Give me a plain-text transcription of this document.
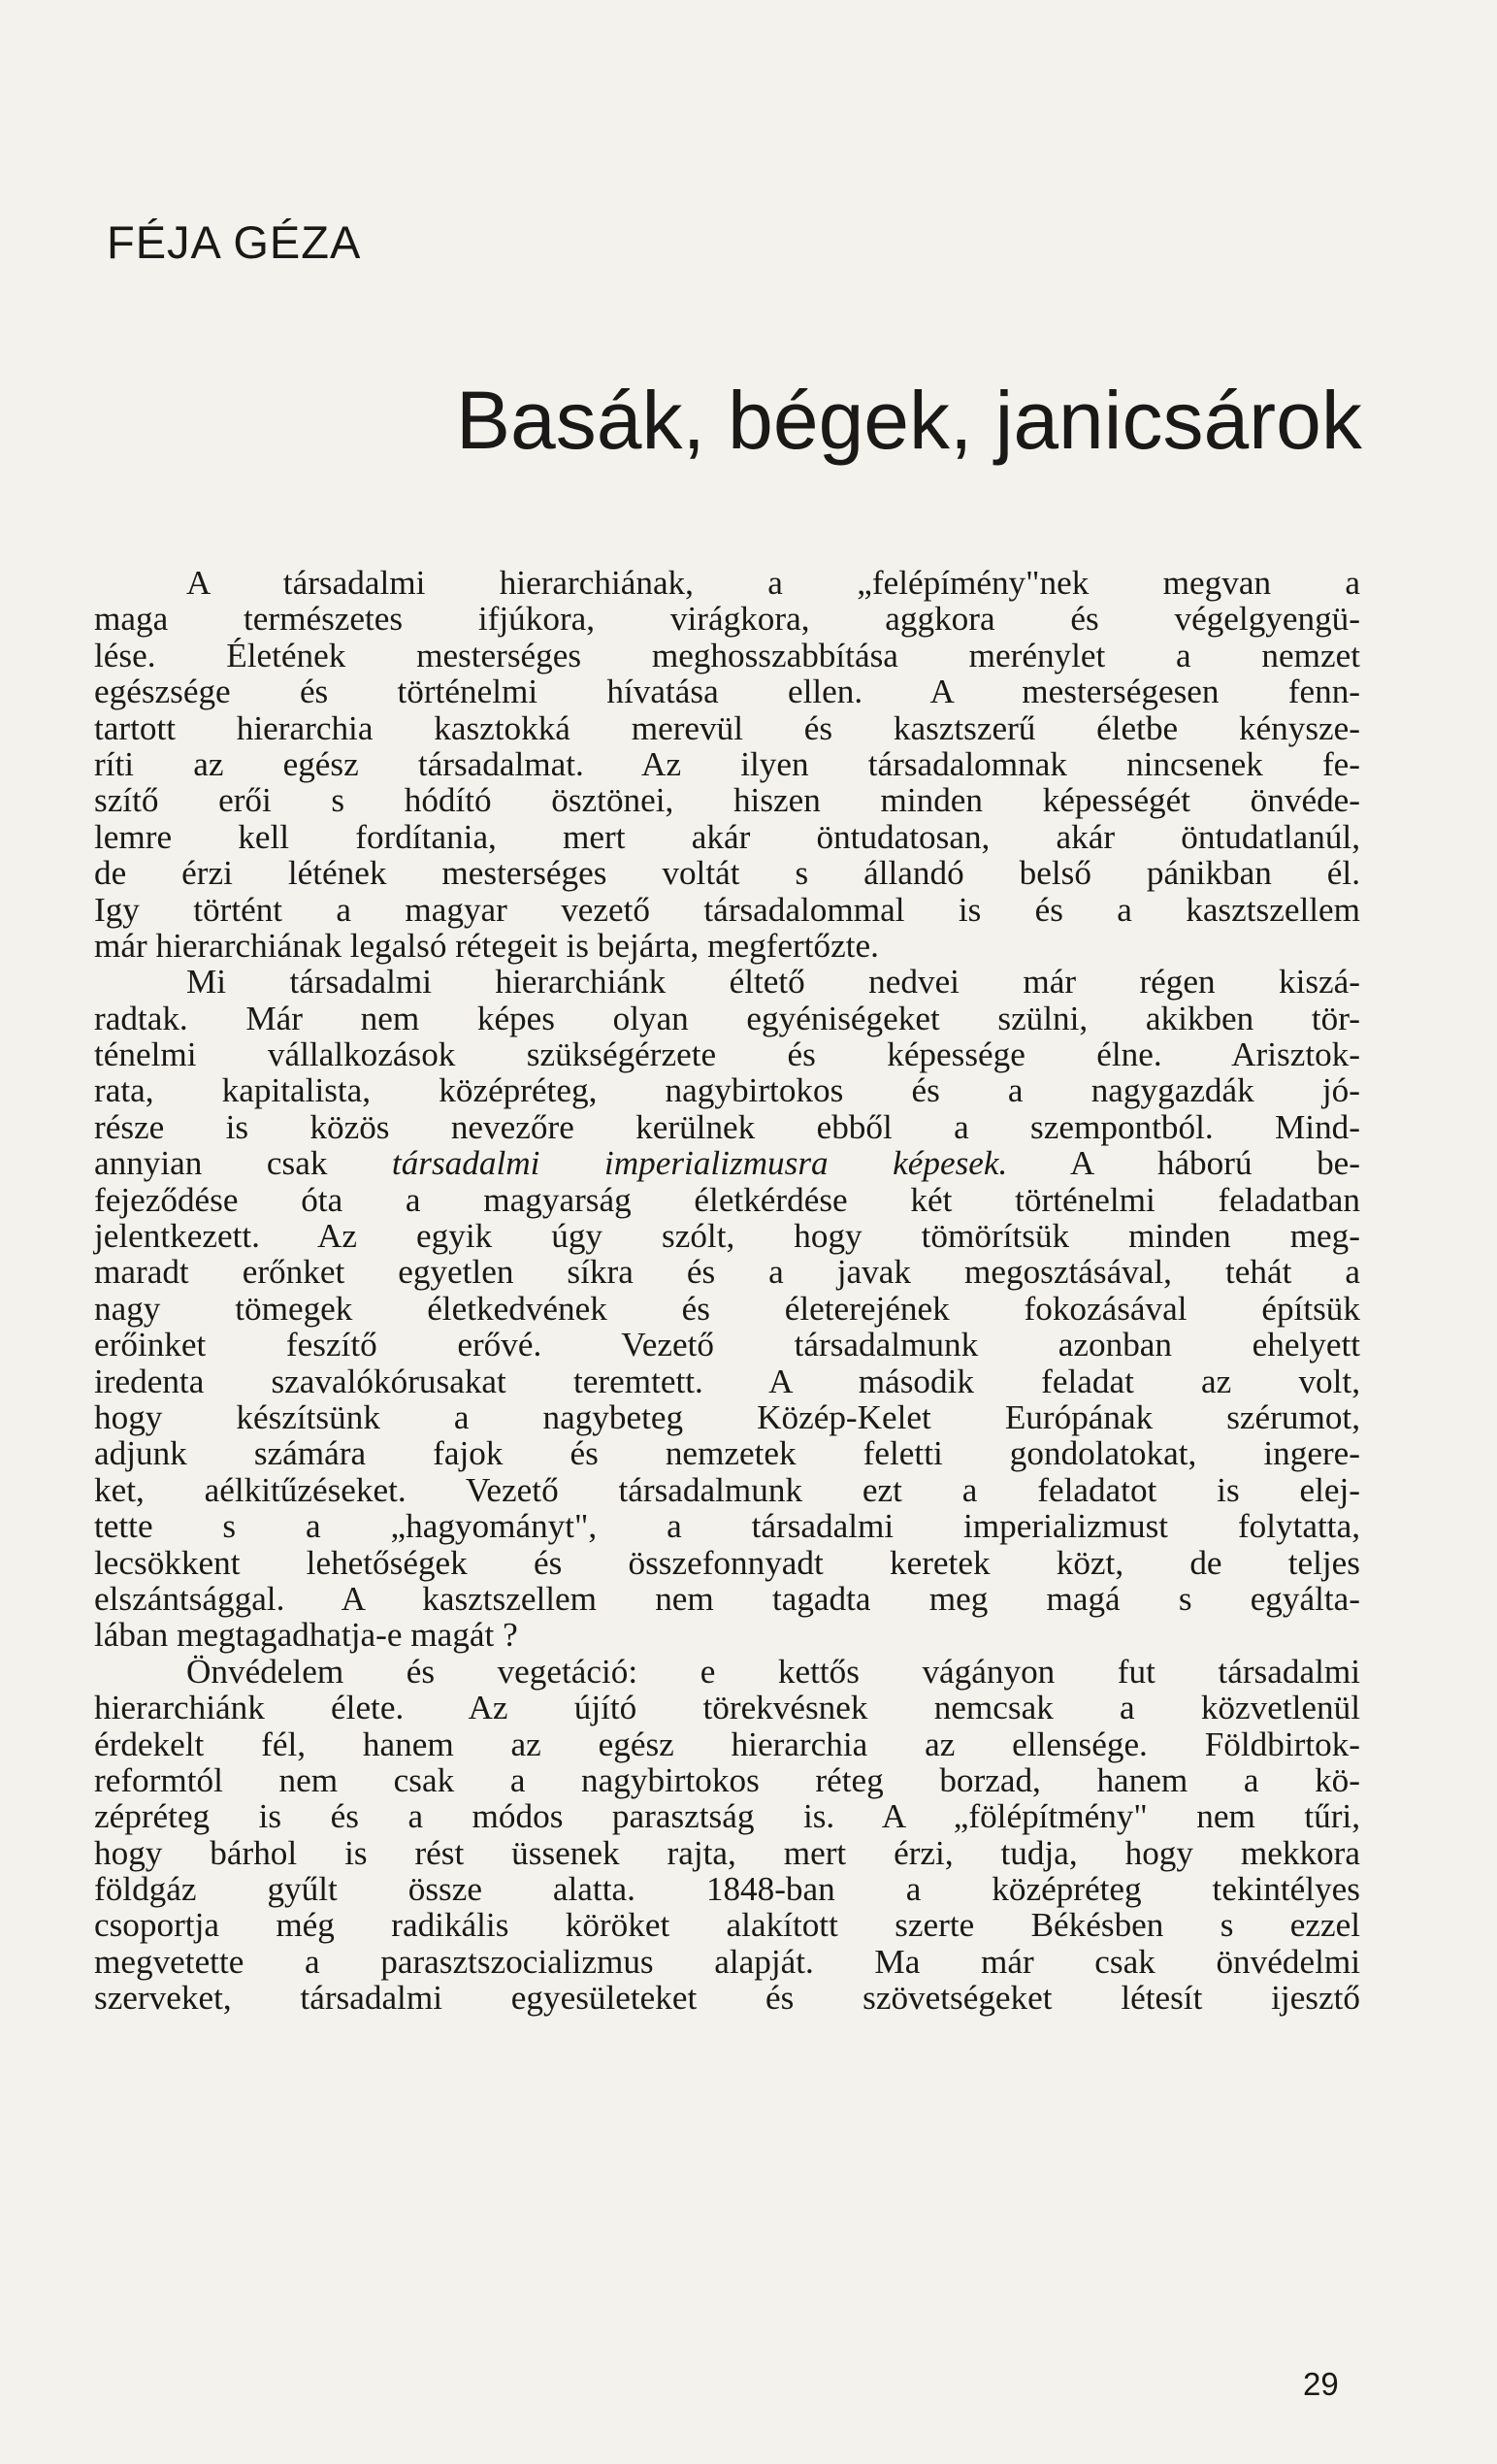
FÉJA GÉZA
Basák, bégek, janicsárok
A társadalmi hierarchiának, a „felépímény"nek megvan a
maga természetes ifjúkora, virágkora, aggkora és végelgyengü-
lése. Életének mesterséges meghosszabbítása merénylet a nemzet
egészsége és történelmi hívatása ellen. A mesterségesen fenn-
tartott hierarchia kasztokká merevül és kasztszerű életbe kénysze-
ríti az egész társadalmat. Az ilyen társadalomnak nincsenek fe-
szítő erői s hódító ösztönei, hiszen minden képességét önvéde-
lemre kell fordítania, mert akár öntudatosan, akár öntudatlanúl,
de érzi létének mesterséges voltát s állandó belső pánikban él.
Igy történt a magyar vezető társadalommal is és a kasztszellem
már hierarchiának legalsó rétegeit is bejárta, megfertőzte.
Mi társadalmi hierarchiánk éltető nedvei már régen kiszá-
radtak. Már nem képes olyan egyéniségeket szülni, akikben tör-
ténelmi vállalkozások szükségérzete és képessége élne. Arisztok-
rata, kapitalista, középréteg, nagybirtokos és a nagygazdák jó-
része is közös nevezőre kerülnek ebből a szempontból. Mind-
annyian csak társadalmi imperializmusra képesek. A háború be-
fejeződése óta a magyarság életkérdése két történelmi feladatban
jelentkezett. Az egyik úgy szólt, hogy tömörítsük minden meg-
maradt erőnket egyetlen síkra és a javak megosztásával, tehát a
nagy tömegek életkedvének és életerejének fokozásával építsük
erőinket feszítő erővé. Vezető társadalmunk azonban ehelyett
iredenta szavalókórusakat teremtett. A második feladat az volt,
hogy készítsünk a nagybeteg Közép-Kelet Európának szérumot,
adjunk számára fajok és nemzetek feletti gondolatokat, ingere-
ket, aélkitűzéseket. Vezető társadalmunk ezt a feladatot is elej-
tette s a „hagyományt", a társadalmi imperializmust folytatta,
lecsökkent lehetőségek és összefonnyadt keretek közt, de teljes
elszántsággal. A kasztszellem nem tagadta meg magá s egyálta-
lában megtagadhatja-e magát ?
Önvédelem és vegetáció: e kettős vágányon fut társadalmi
hierarchiánk élete. Az újító törekvésnek nemcsak a közvetlenül
érdekelt fél, hanem az egész hierarchia az ellensége. Földbirtok-
reformtól nem csak a nagybirtokos réteg borzad, hanem a kö-
zépréteg is és a módos parasztság is. A „fölépítmény" nem tűri,
hogy bárhol is rést üssenek rajta, mert érzi, tudja, hogy mekkora
földgáz gyűlt össze alatta. 1848-ban a középréteg tekintélyes
csoportja még radikális köröket alakított szerte Békésben s ezzel
megvetette a parasztszocializmus alapját. Ma már csak önvédelmi
szerveket, társadalmi egyesületeket és szövetségeket létesít ijesztő
29
